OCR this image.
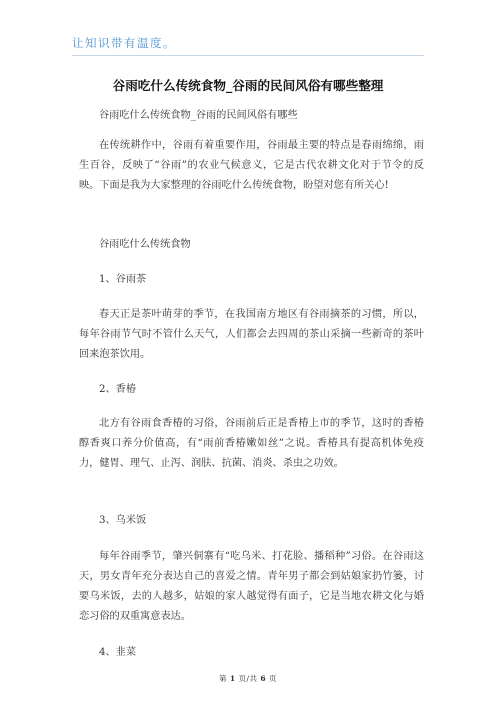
让知识带有温度。
谷雨吃什么传统食物_谷雨的民间风俗有哪些整理

谷雨吃什么传统食物_谷雨的民间风俗有哪些

在传统耕作中，谷雨有着重要作用，谷雨最主要的特点是春雨绵绵，雨生百谷，反映了“谷雨”的农业气候意义，它是古代农耕文化对于节令的反映。下面是我为大家整理的谷雨吃什么传统食物，盼望对您有所关心!

谷雨吃什么传统食物

1、谷雨茶

春天正是茶叶萌芽的季节，在我国南方地区有谷雨摘茶的习惯，所以，每年谷雨节气时不管什么天气，人们都会去四周的茶山采摘一些新奇的茶叶回来泡茶饮用。

2、香椿

北方有谷雨食香椿的习俗，谷雨前后正是香椿上市的季节，这时的香椿醇香爽口养分价值高，有“雨前香椿嫩如丝”之说。香椿具有提高机体免疫力，健胃、理气、止泻、润肤、抗菌、消炎、杀虫之功效。

3、乌米饭

每年谷雨季节，肇兴侗寨有“吃乌米、打花脸、播稻种”习俗。在谷雨这天，男女青年充分表达自己的喜爱之情。青年男子都会到姑娘家扔竹篓，讨要乌米饭，去的人越多，姑娘的家人越觉得有面子，它是当地农耕文化与婚恋习俗的双重寓意表达。

4、韭菜

第 1 页/共 6 页
